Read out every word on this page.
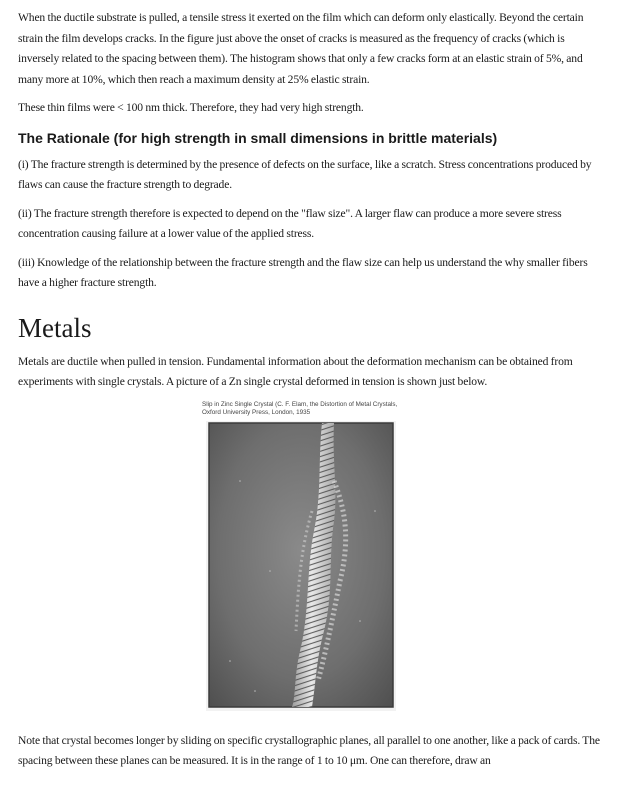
When the ductile substrate is pulled, a tensile stress it exerted on the film which can deform only elastically. Beyond the certain strain the film develops cracks. In the figure just above the onset of cracks is measured as the frequency of cracks (which is inversely related to the spacing between them). The histogram shows that only a few cracks form at an elastic strain of 5%, and many more at 10%, which then reach a maximum density at 25% elastic strain.

These thin films were < 100 nm thick. Therefore, they had very high strength.

The Rationale (for high strength in small dimensions in brittle materials)

(i) The fracture strength is determined by the presence of defects on the surface, like a scratch. Stress concentrations produced by flaws can cause the fracture strength to degrade.

(ii) The fracture strength therefore is expected to depend on the "flaw size". A larger flaw can produce a more severe stress concentration causing failure at a lower value of the applied stress.

(iii) Knowledge of the relationship between the fracture strength and the flaw size can help us understand the why smaller fibers have a higher fracture strength.

Metals

Metals are ductile when pulled in tension. Fundamental information about the deformation mechanism can be obtained from experiments with single crystals. A picture of a Zn single crystal deformed in tension is shown just below.

Slip in Zinc Single Crystal (C. F. Elam, the Distortion of Metal Crystals,
Oxford University Press, London, 1935

Note that crystal becomes longer by sliding on specific crystallographic planes, all parallel to one another, like a pack of cards. The spacing between these planes can be measured. It is in the range of 1 to 10 μm. One can therefore, draw an
